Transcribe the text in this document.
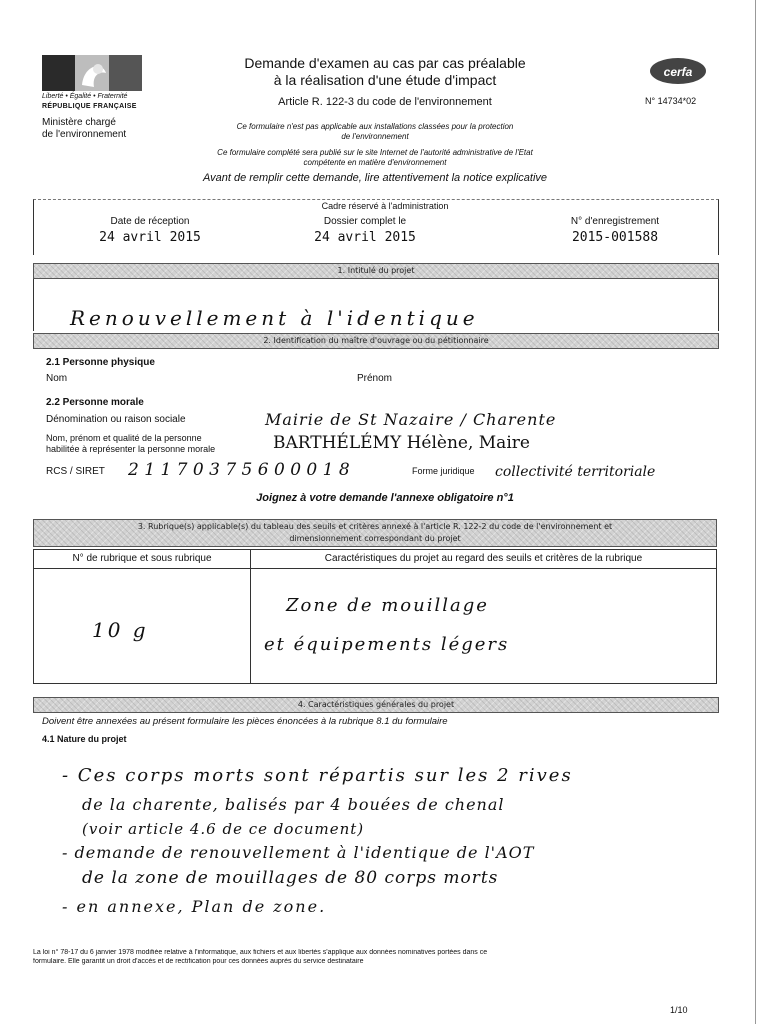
Liberté • Égalité • Fraternité
RÉPUBLIQUE FRANÇAISE
Ministère chargé
de l'environnement
Demande d'examen au cas par cas préalable
à la réalisation d'une étude d'impact
Article R. 122-3 du code de l'environnement
Ce formulaire n'est pas applicable aux installations classées pour la protection
de l'environnement
Ce formulaire complété sera publié sur le site Internet de l'autorité administrative de l'Etat
compétente en matière d'environnement
Avant de remplir cette demande, lire attentivement la notice explicative
cerfa
N° 14734*02
Cadre réservé à l'administration
Date de réception
24 avril 2015
Dossier complet le
24 avril 2015
N° d'enregistrement
2015-001588
1. Intitulé du projet
Renouvellement à l'identique
2. Identification du maître d'ouvrage ou du pétitionnaire
2.1 Personne physique
Nom	Prénom
2.2 Personne morale
Dénomination ou raison sociale	Mairie de St Nazaire / Charente
Nom, prénom et qualité de la personne
habilitée à représenter la personne morale	BARTHÉLÉMY Hélène, Maire
RCS / SIRET 2 1 1 7 0 3 7 5 6 0 0 0 1 8	Forme juridique collectivité territoriale
Joignez à votre demande l'annexe obligatoire n°1
3. Rubrique(s) applicable(s) du tableau des seuils et critères annexé à l'article R. 122-2 du code de l'environnement et
dimensionnement correspondant du projet
N° de rubrique et sous rubrique	Caractéristiques du projet au regard des seuils et critères de la rubrique
10 g
Zone de mouillage
et équipements légers
4. Caractéristiques générales du projet
Doivent être annexées au présent formulaire les pièces énoncées à la rubrique 8.1 du formulaire
4.1 Nature du projet
- Ces corps morts sont répartis sur les 2 rives
de la charente, balisés par 4 bouées de chenal
(voir article 4.6 de ce document)
- demande de renouvellement à l'identique de l'AOT
de la zone de mouillages de 80 corps morts
- en annexe, Plan de zone.
La loi n° 78-17 du 6 janvier 1978 modifiée relative à l'informatique, aux fichiers et aux libertés s'applique aux données nominatives portées dans ce
formulaire. Elle garantit un droit d'accès et de rectification pour ces données auprès du service destinataire
1/10
